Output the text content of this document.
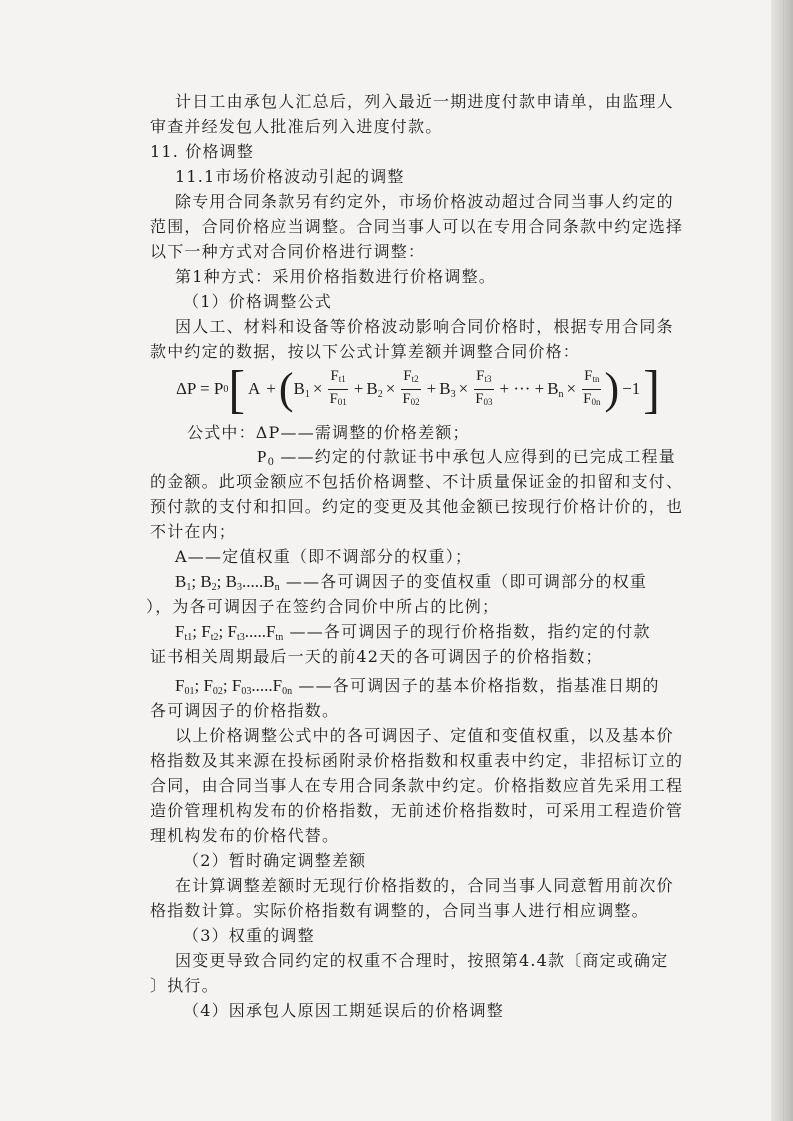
计日工由承包人汇总后，列入最近一期进度付款申请单，由监理人
审查并经发包人批准后列入进度付款。
11. 价格调整
11.1市场价格波动引起的调整
除专用合同条款另有约定外，市场价格波动超过合同当事人约定的
范围，合同价格应当调整。合同当事人可以在专用合同条款中约定选择
以下一种方式对合同价格进行调整：
第1种方式：采用价格指数进行价格调整。
（1）价格调整公式
因人工、材料和设备等价格波动影响合同价格时，根据专用合同条
款中约定的数据，按以下公式计算差额并调整合同价格：
ΔP = P 0 [ A + ( $B_1 \times \frac{F_{t1}}{F_{01}} + B_2 \times \frac{F_{t2}}{F_{02}} + B_3 \times \frac{F_{t3}}{F_{03}}$ + ··· + $B_n \times \frac{F_{tn}}{F_{0n}}$ ) −1 ]
公式中：ΔP——需调整的价格差额；
$P_0$ ——约定的付款证书中承包人应得到的已完成工程量
的金额。此项金额应不包括价格调整、不计质量保证金的扣留和支付、
预付款的支付和扣回。约定的变更及其他金额已按现行价格计价的，也
不计在内；
A——定值权重（即不调部分的权重）；
$B_1$; $B_2$; $B_3.....B_n$ ——各可调因子的变值权重（即可调部分的权重
），为各可调因子在签约合同价中所占的比例；
$F_{t1}$; $F_{t2}$; $F_{t3}.....F_{tn}$ ——各可调因子的现行价格指数，指约定的付款
证书相关周期最后一天的前42天的各可调因子的价格指数；
$F_{01}$; $F_{02}$; $F_{03}.....F_{0n}$ ——各可调因子的基本价格指数，指基准日期的
各可调因子的价格指数。
以上价格调整公式中的各可调因子、定值和变值权重，以及基本价
格指数及其来源在投标函附录价格指数和权重表中约定，非招标订立的
合同，由合同当事人在专用合同条款中约定。价格指数应首先采用工程
造价管理机构发布的价格指数，无前述价格指数时，可采用工程造价管
理机构发布的价格代替。
（2）暂时确定调整差额
在计算调整差额时无现行价格指数的，合同当事人同意暂用前次价
格指数计算。实际价格指数有调整的，合同当事人进行相应调整。
（3）权重的调整
因变更导致合同约定的权重不合理时，按照第4.4款〔商定或确定
〕执行。
（4）因承包人原因工期延误后的价格调整
